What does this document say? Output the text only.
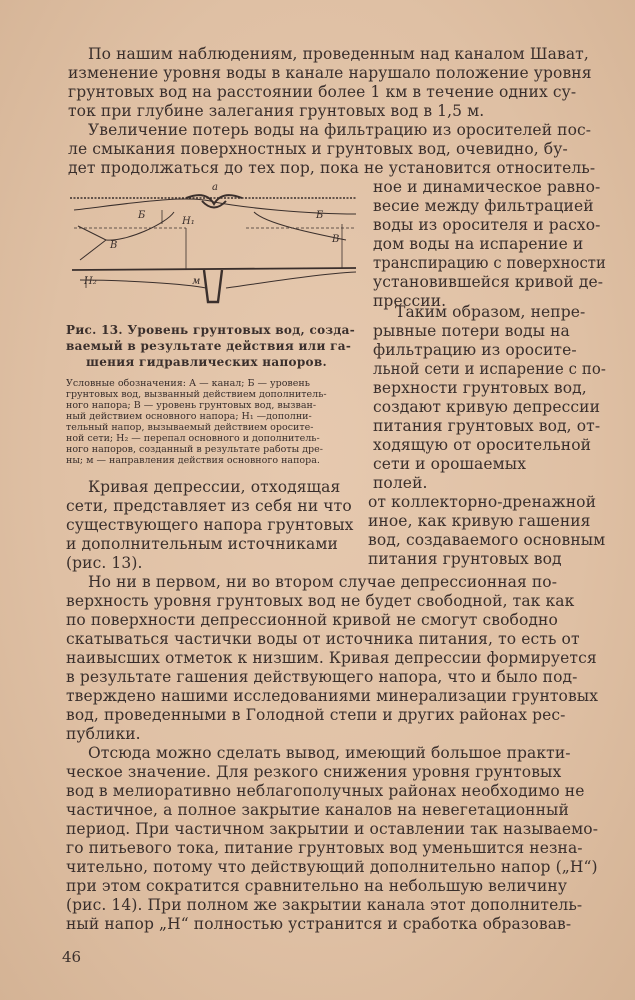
По нашим наблюдениям, проведенным над каналом Шават,
изменение уровня воды в канале нарушало положение уровня
грунтовых вод на расстоянии более 1 км в течение одних су-
ток при глубине залегания грунтовых вод в 1,5 м.
Увеличение потерь воды на фильтрацию из оросителей пос-
ле смыкания поверхностных и грунтовых вод, очевидно, бу-
дет продолжаться до тех пор, пока не установится относитель-
ное и динамическое равно-
весие между фильтрацией
воды из оросителя и расхо-
дом воды на испарение и
транспирацию с поверхности
установившейся кривой де-
прессии.
Таким образом, непре-
рывные потери воды на
фильтрацию из оросите-
льной сети и испарение с по-
верхности грунтовых вод,
создают кривую депрессии
питания грунтовых вод, от-
ходящую от оросительной
сети и орошаемых
полей.
от коллекторно-дренажной
иное, как кривую гашения
вод, создаваемого основным
питания грунтовых вод
Кривая депрессии, отходящая
сети, представляет из себя ни что
существующего напора грунтовых
и дополнительным источниками
(рис. 13).
а
Б	Б
В
В
Н₁
Н₂	м
Рис. 13. Уровень грунтовых вод, созда-
ваемый в результате действия или га-
шения гидравлических напоров.
Условные обозначения: А — канал; Б — уровень
грунтовых вод, вызванный действием дополнитель-
ного напора; В — уровень грунтовых вод, вызван-
ный действием основного напора; Н₁ —дополни-
тельный напор, вызываемый действием оросите-
ной сети; Н₂ — перепал основного и дополнитель-
ного напоров, созданный в результате работы дре-
ны; м — направления действия основного напора.
Но ни в первом, ни во втором случае депрессионная по-
верхность уровня грунтовых вод не будет свободной, так как
по поверхности депрессионной кривой не смогут свободно
скатываться частички воды от источника питания, то есть от
наивысших отметок к низшим. Кривая депрессии формируется
в результате гашения действующего напора, что и было под-
тверждено нашими исследованиями минерализации грунтовых
вод, проведенными в Голодной степи и других районах рес-
публики.
Отсюда можно сделать вывод, имеющий большое практи-
ческое значение. Для резкого снижения уровня грунтовых
вод в мелиоративно неблагополучных районах необходимо не
частичное, а полное закрытие каналов на невегетационный
период. При частичном закрытии и оставлении так называемо-
го питьевого тока, питание грунтовых вод уменьшится незна-
чительно, потому что действующий дополнительно напор („Н“)
при этом сократится сравнительно на небольшую величину
(рис. 14). При полном же закрытии канала этот дополнитель-
ный напор „Н“ полностью устранится и сработка образовав-
46
